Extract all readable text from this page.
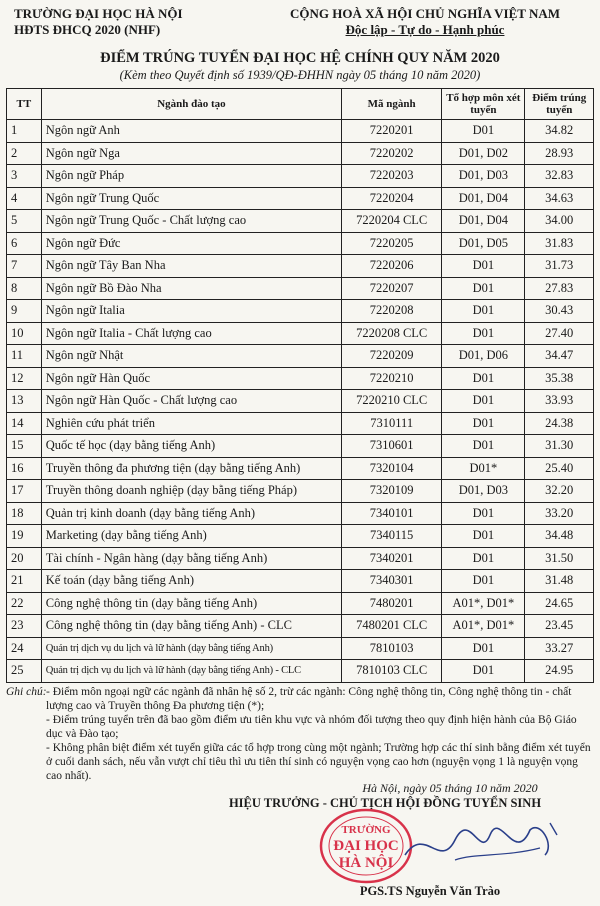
TRƯỜNG ĐẠI HỌC HÀ NỘI
HĐTS ĐHCQ 2020 (NHF)
CỘNG HOÀ XÃ HỘI CHỦ NGHĨA VIỆT NAM
Độc lập - Tự do - Hạnh phúc
ĐIỂM TRÚNG TUYỂN ĐẠI HỌC HỆ CHÍNH QUY NĂM 2020
(Kèm theo Quyết định số 1939/QĐ-ĐHHN ngày 05 tháng 10 năm 2020)
TT	Ngành đào tạo	Mã ngành	Tổ hợp môn xét tuyển	Điểm trúng tuyển
1	Ngôn ngữ Anh	7220201	D01	34.82
2	Ngôn ngữ Nga	7220202	D01, D02	28.93
3	Ngôn ngữ Pháp	7220203	D01, D03	32.83
4	Ngôn ngữ Trung Quốc	7220204	D01, D04	34.63
5	Ngôn ngữ Trung Quốc - Chất lượng cao	7220204 CLC	D01, D04	34.00
6	Ngôn ngữ Đức	7220205	D01, D05	31.83
7	Ngôn ngữ Tây Ban Nha	7220206	D01	31.73
8	Ngôn ngữ Bồ Đào Nha	7220207	D01	27.83
9	Ngôn ngữ Italia	7220208	D01	30.43
10	Ngôn ngữ Italia - Chất lượng cao	7220208 CLC	D01	27.40
11	Ngôn ngữ Nhật	7220209	D01, D06	34.47
12	Ngôn ngữ Hàn Quốc	7220210	D01	35.38
13	Ngôn ngữ Hàn Quốc - Chất lượng cao	7220210 CLC	D01	33.93
14	Nghiên cứu phát triển	7310111	D01	24.38
15	Quốc tế học (dạy bằng tiếng Anh)	7310601	D01	31.30
16	Truyền thông đa phương tiện (dạy bằng tiếng Anh)	7320104	D01*	25.40
17	Truyền thông doanh nghiệp (dạy bằng tiếng Pháp)	7320109	D01, D03	32.20
18	Quản trị kinh doanh (dạy bằng tiếng Anh)	7340101	D01	33.20
19	Marketing (dạy bằng tiếng Anh)	7340115	D01	34.48
20	Tài chính - Ngân hàng (dạy bằng tiếng Anh)	7340201	D01	31.50
21	Kế toán (dạy bằng tiếng Anh)	7340301	D01	31.48
22	Công nghệ thông tin (dạy bằng tiếng Anh)	7480201	A01*, D01*	24.65
23	Công nghệ thông tin (dạy bằng tiếng Anh) - CLC	7480201 CLC	A01*, D01*	23.45
24	Quản trị dịch vụ du lịch và lữ hành (dạy bằng tiếng Anh)	7810103	D01	33.27
25	Quản trị dịch vụ du lịch và lữ hành (dạy bằng tiếng Anh) - CLC	7810103 CLC	D01	24.95
Ghi chú: - Điểm môn ngoại ngữ các ngành đã nhân hệ số 2, trừ các ngành: Công nghệ thông tin, Công nghệ thông tin - chất lượng cao và Truyền thông Đa phương tiện (*);

- Điểm trúng tuyển trên đã bao gồm điểm ưu tiên khu vực và nhóm đối tượng theo quy định hiện hành của Bộ Giáo dục và Đào tạo;

- Không phân biệt điểm xét tuyển giữa các tổ hợp trong cùng một ngành; Trường hợp các thí sinh bằng điểm xét tuyển ở cuối danh sách, nếu vẫn vượt chỉ tiêu thì ưu tiên thí sinh có nguyện vọng cao hơn (nguyện vọng 1 là nguyện vọng cao nhất).

Hà Nội, ngày 05 tháng 10 năm 2020
HIỆU TRƯỞNG - CHỦ TỊCH HỘI ĐỒNG TUYỂN SINH
TRƯỜNG
ĐẠI HỌC
HÀ NỘI
PGS.TS Nguyễn Văn Trào
